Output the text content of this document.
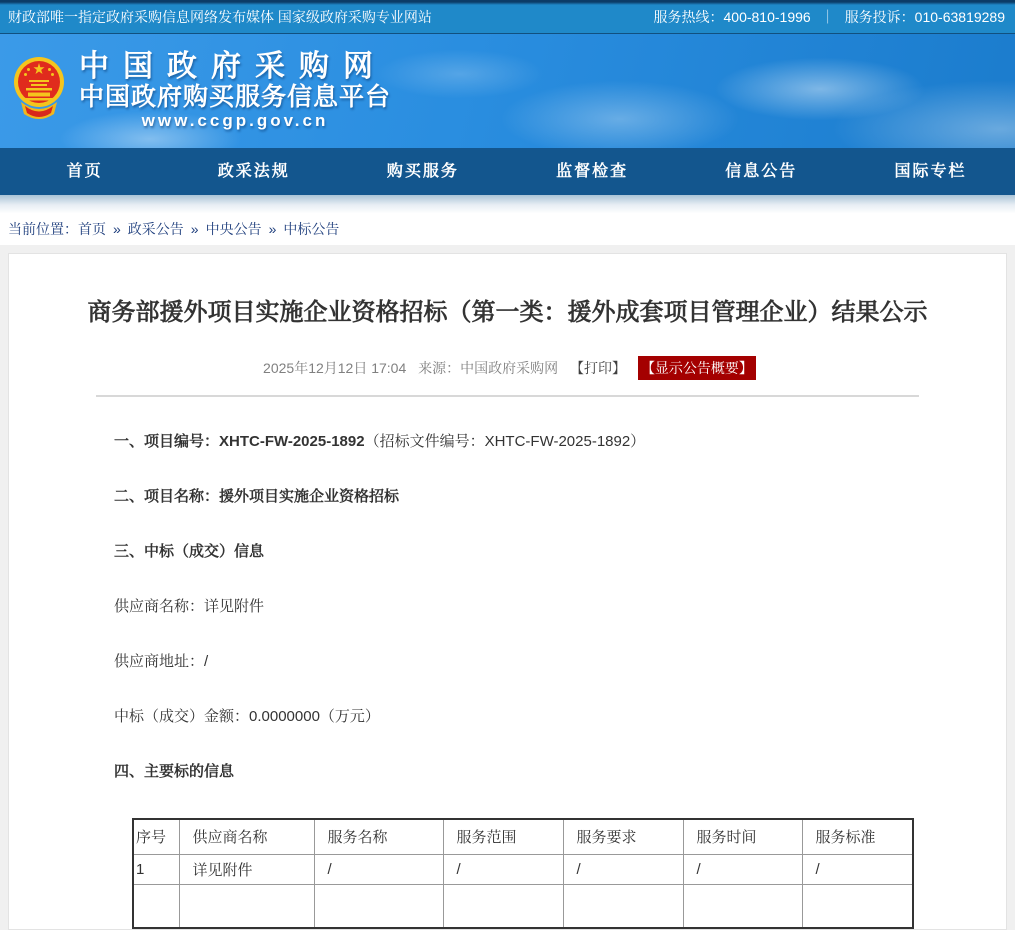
财政部唯一指定政府采购信息网络发布媒体 国家级政府采购专业网站	服务热线：400-810-1996 ｜ 服务投诉：010-63819289
中国政府采购网
中国政府购买服务信息平台
www.ccgp.gov.cn
首页	政采法规	购买服务	监督检查	信息公告	国际专栏
当前位置： 首页 » 政采公告 » 中央公告 » 中标公告
商务部援外项目实施企业资格招标（第一类：援外成套项目管理企业）结果公示
2025年12月12日 17:04 来源：中国政府采购网 【打印】 【显示公告概要】

一、项目编号：XHTC-FW-2025-1892（招标文件编号：XHTC-FW-2025-1892）

二、项目名称：援外项目实施企业资格招标

三、中标（成交）信息

供应商名称：详见附件

供应商地址：/

中标（成交）金额：0.0000000（万元）

四、主要标的信息

序号	供应商名称	服务名称	服务范围	服务要求	服务时间	服务标准
1	详见附件	/	/	/	/	/
